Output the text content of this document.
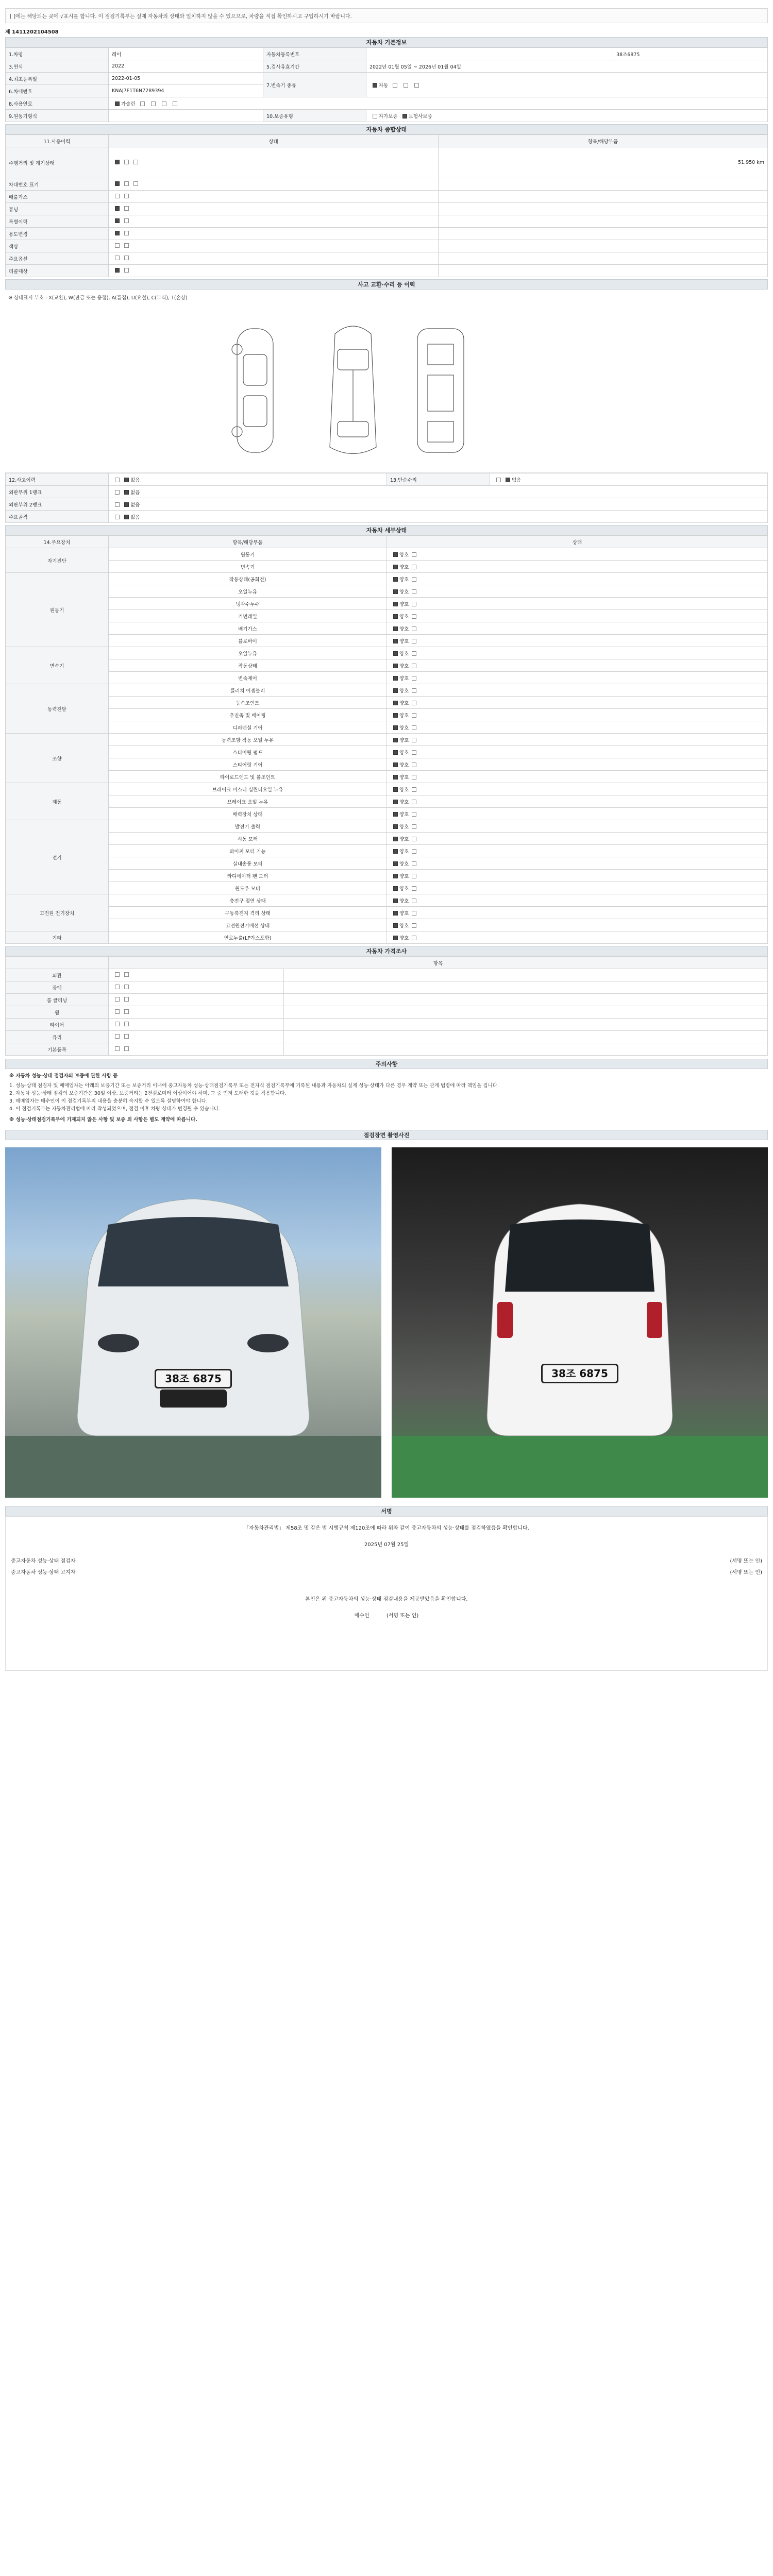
[ ]에는 해당되는 곳에 √표시를 합니다. 이 점검기록부는 실제 자동차의 상태와 일치하지 않을 수 있으므로, 차량을 직접 확인하시고 구입하시기 바랍니다.
제 1411202104508
자동차 기본정보
1.차명	레이	자동차등록번호		38조6875
3.연식	2022	5.검사유효기간	2022년 01월 05일 ~ 2026년 01월 04일	
4.최초등록일	2022-01-05	7.변속기 종류	자동	
6.차대번호	KNAJ7F1T6N7289394			
8.사용연료	가솔린			
9.원동기형식		10.보증유형	자가보증 보험사보증	
자동차 종합상태
11.사용이력	상태	항목/해당부품
주행거리 및 계기상태		51,950 km
차대번호 표기		
배출가스		
튜닝		
특별이력		
용도변경		
색상		
주요옵션		
리콜대상		
사고 교환·수리 등 이력
※ 상태표시 부호 : X(교환), W(판금 또는 용접), A(흠집), U(요철), C(부식), T(손상)
12.사고이력	없음	13.단순수리	없음
외판부위 1랭크	없음		
외판부위 2랭크	없음		
주요골격	없음		
자동차 세부상태
14.주요장치	항목/해당부품	상태
자기진단	원동기	양호
	변속기	양호
원동기	작동상태(공회전)	양호
	오일누유	양호
	냉각수누수	양호
	커먼레일	양호
	배기가스	양호
	블로바이	양호
변속기	오일누유	양호
	작동상태	양호
	변속제어	양호
동력전달	클러치 어셈블리	양호
	등속조인트	양호
	추진축 및 베어링	양호
	디퍼렌셜 기어	양호
조향	동력조향 작동 오일 누유	양호
	스티어링 펌프	양호
	스티어링 기어	양호
	타이로드엔드 및 볼조인트	양호
제동	브레이크 마스터 실린더오일 누유	양호
	브레이크 오일 누유	양호
	배력장치 상태	양호
전기	발전기 출력	양호
	시동 모터	양호
	와이퍼 모터 기능	양호
	실내송풍 모터	양호
	라디에이터 팬 모터	양호
	윈도우 모터	양호
고전원 전기장치	충전구 절연 상태	양호
	구동축전지 격리 상태	양호
	고전원전기배선 상태	양호
기타	연료누출(LP가스포함)	양호
자동차 가격조사
	항목	
외관		
광택		
룸 클리닝		
휠		
타이어		
유리		
기본품목		
주의사항
※ 자동차 성능·상태 점검자의 보증에 관한 사항 등
1. 성능·상태 점검자 및 매매업자는 아래의 보증기간 또는 보증거리 이내에 중고자동차 성능·상태점검기록부 또는 전자식 점검기록부에 기록된 내용과 자동차의 실제 성능·상태가 다른 경우 계약 또는 관계 법령에 따라 책임을 집니다.
2. 자동차 성능·상태 점검의 보증기간은 30일 이상, 보증거리는 2천킬로미터 이상이어야 하며, 그 중 먼저 도래한 것을 적용합니다.
3. 매매업자는 매수인이 이 점검기록부의 내용을 충분히 숙지할 수 있도록 설명하여야 합니다.
4. 이 점검기록부는 자동차관리법에 따라 작성되었으며, 점검 이후 차량 상태가 변경될 수 있습니다.
※ 성능·상태점검기록부에 기재되지 않은 사항 및 보증 외 사항은 별도 계약에 따릅니다.
점검장면 촬영사진
38조 6875	38조 6875
서명
「자동차관리법」 제58조 및 같은 법 시행규칙 제120조에 따라 위와 같이 중고자동차의 성능·상태를 점검하였음을 확인합니다.
2025년 07월 25일
중고자동차 성능·상태 점검자	(서명 또는 인)
중고자동차 성능·상태 고지자	(서명 또는 인)
본인은 위 중고자동차의 성능·상태 점검내용을 제공받았음을 확인합니다.
매수인	(서명 또는 인)
